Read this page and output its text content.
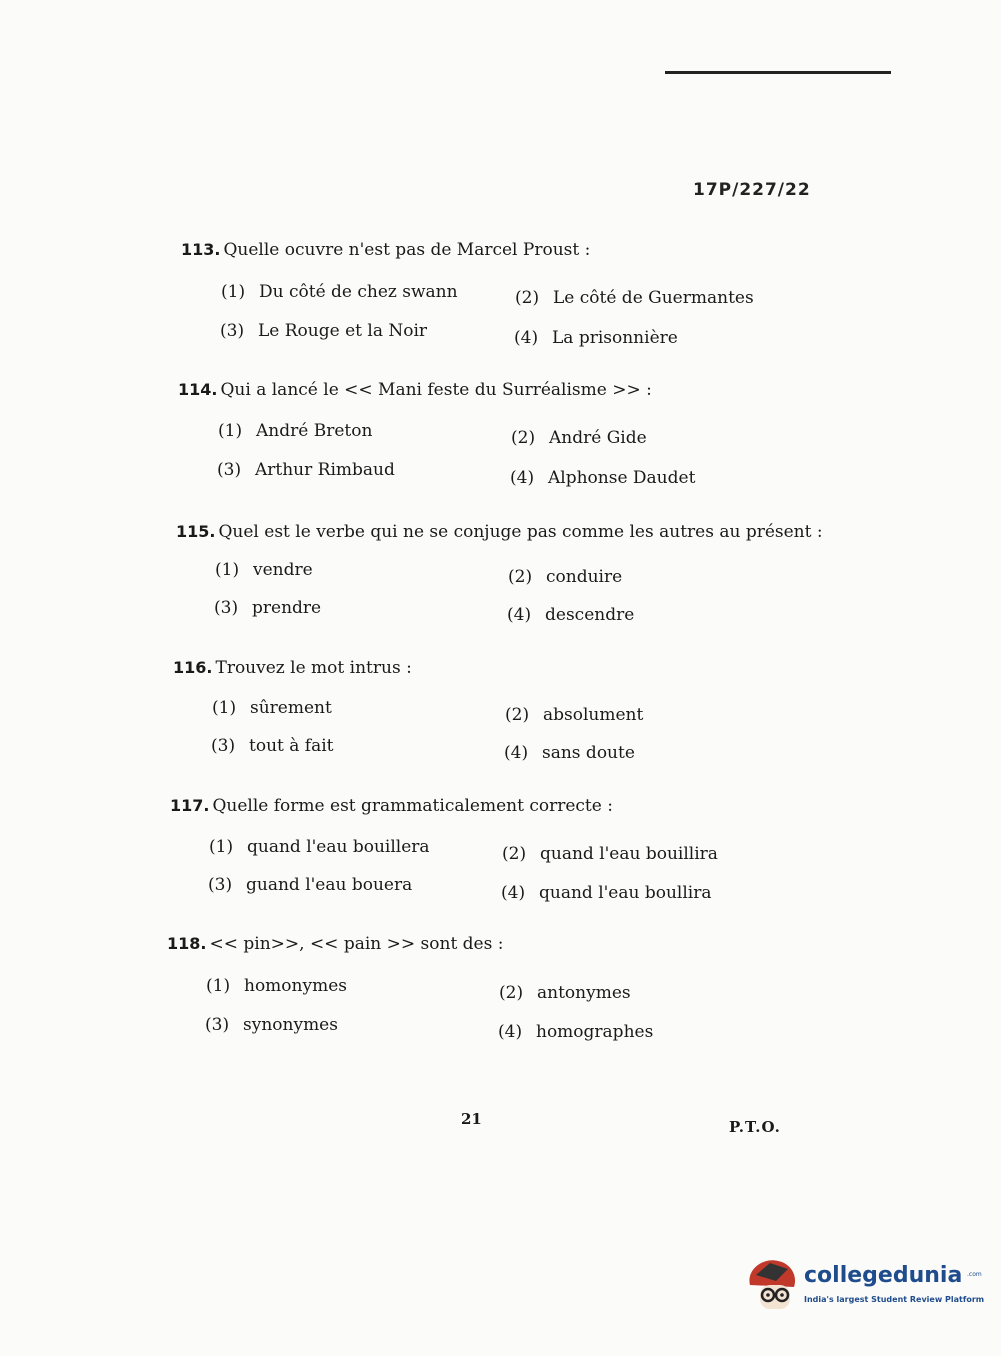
17P/227/22
113. Quelle ocuvre n'est pas de Marcel Proust :
(1) Du côté de chez swann	(2) Le côté de Guermantes
(3) Le Rouge et la Noir	(4) La prisonnière
114. Qui a lancé le << Mani feste du Surréalisme >> :
(1) André Breton	(2) André Gide
(3) Arthur Rimbaud	(4) Alphonse Daudet
115. Quel est le verbe qui ne se conjuge pas comme les autres au présent :
(1) vendre	(2) conduire
(3) prendre	(4) descendre
116. Trouvez le mot intrus :
(1) sûrement	(2) absolument
(3) tout à fait	(4) sans doute
117. Quelle forme est grammaticalement correcte :
(1) quand l'eau bouillera	(2) quand l'eau bouillira
(3) guand l'eau bouera	(4) quand l'eau boullira
118. << pin>>, << pain >> sont des :
(1) homonymes	(2) antonymes
(3) synonymes	(4) homographes
21	P.T.O.
collegedunia .com
India's largest Student Review Platform
